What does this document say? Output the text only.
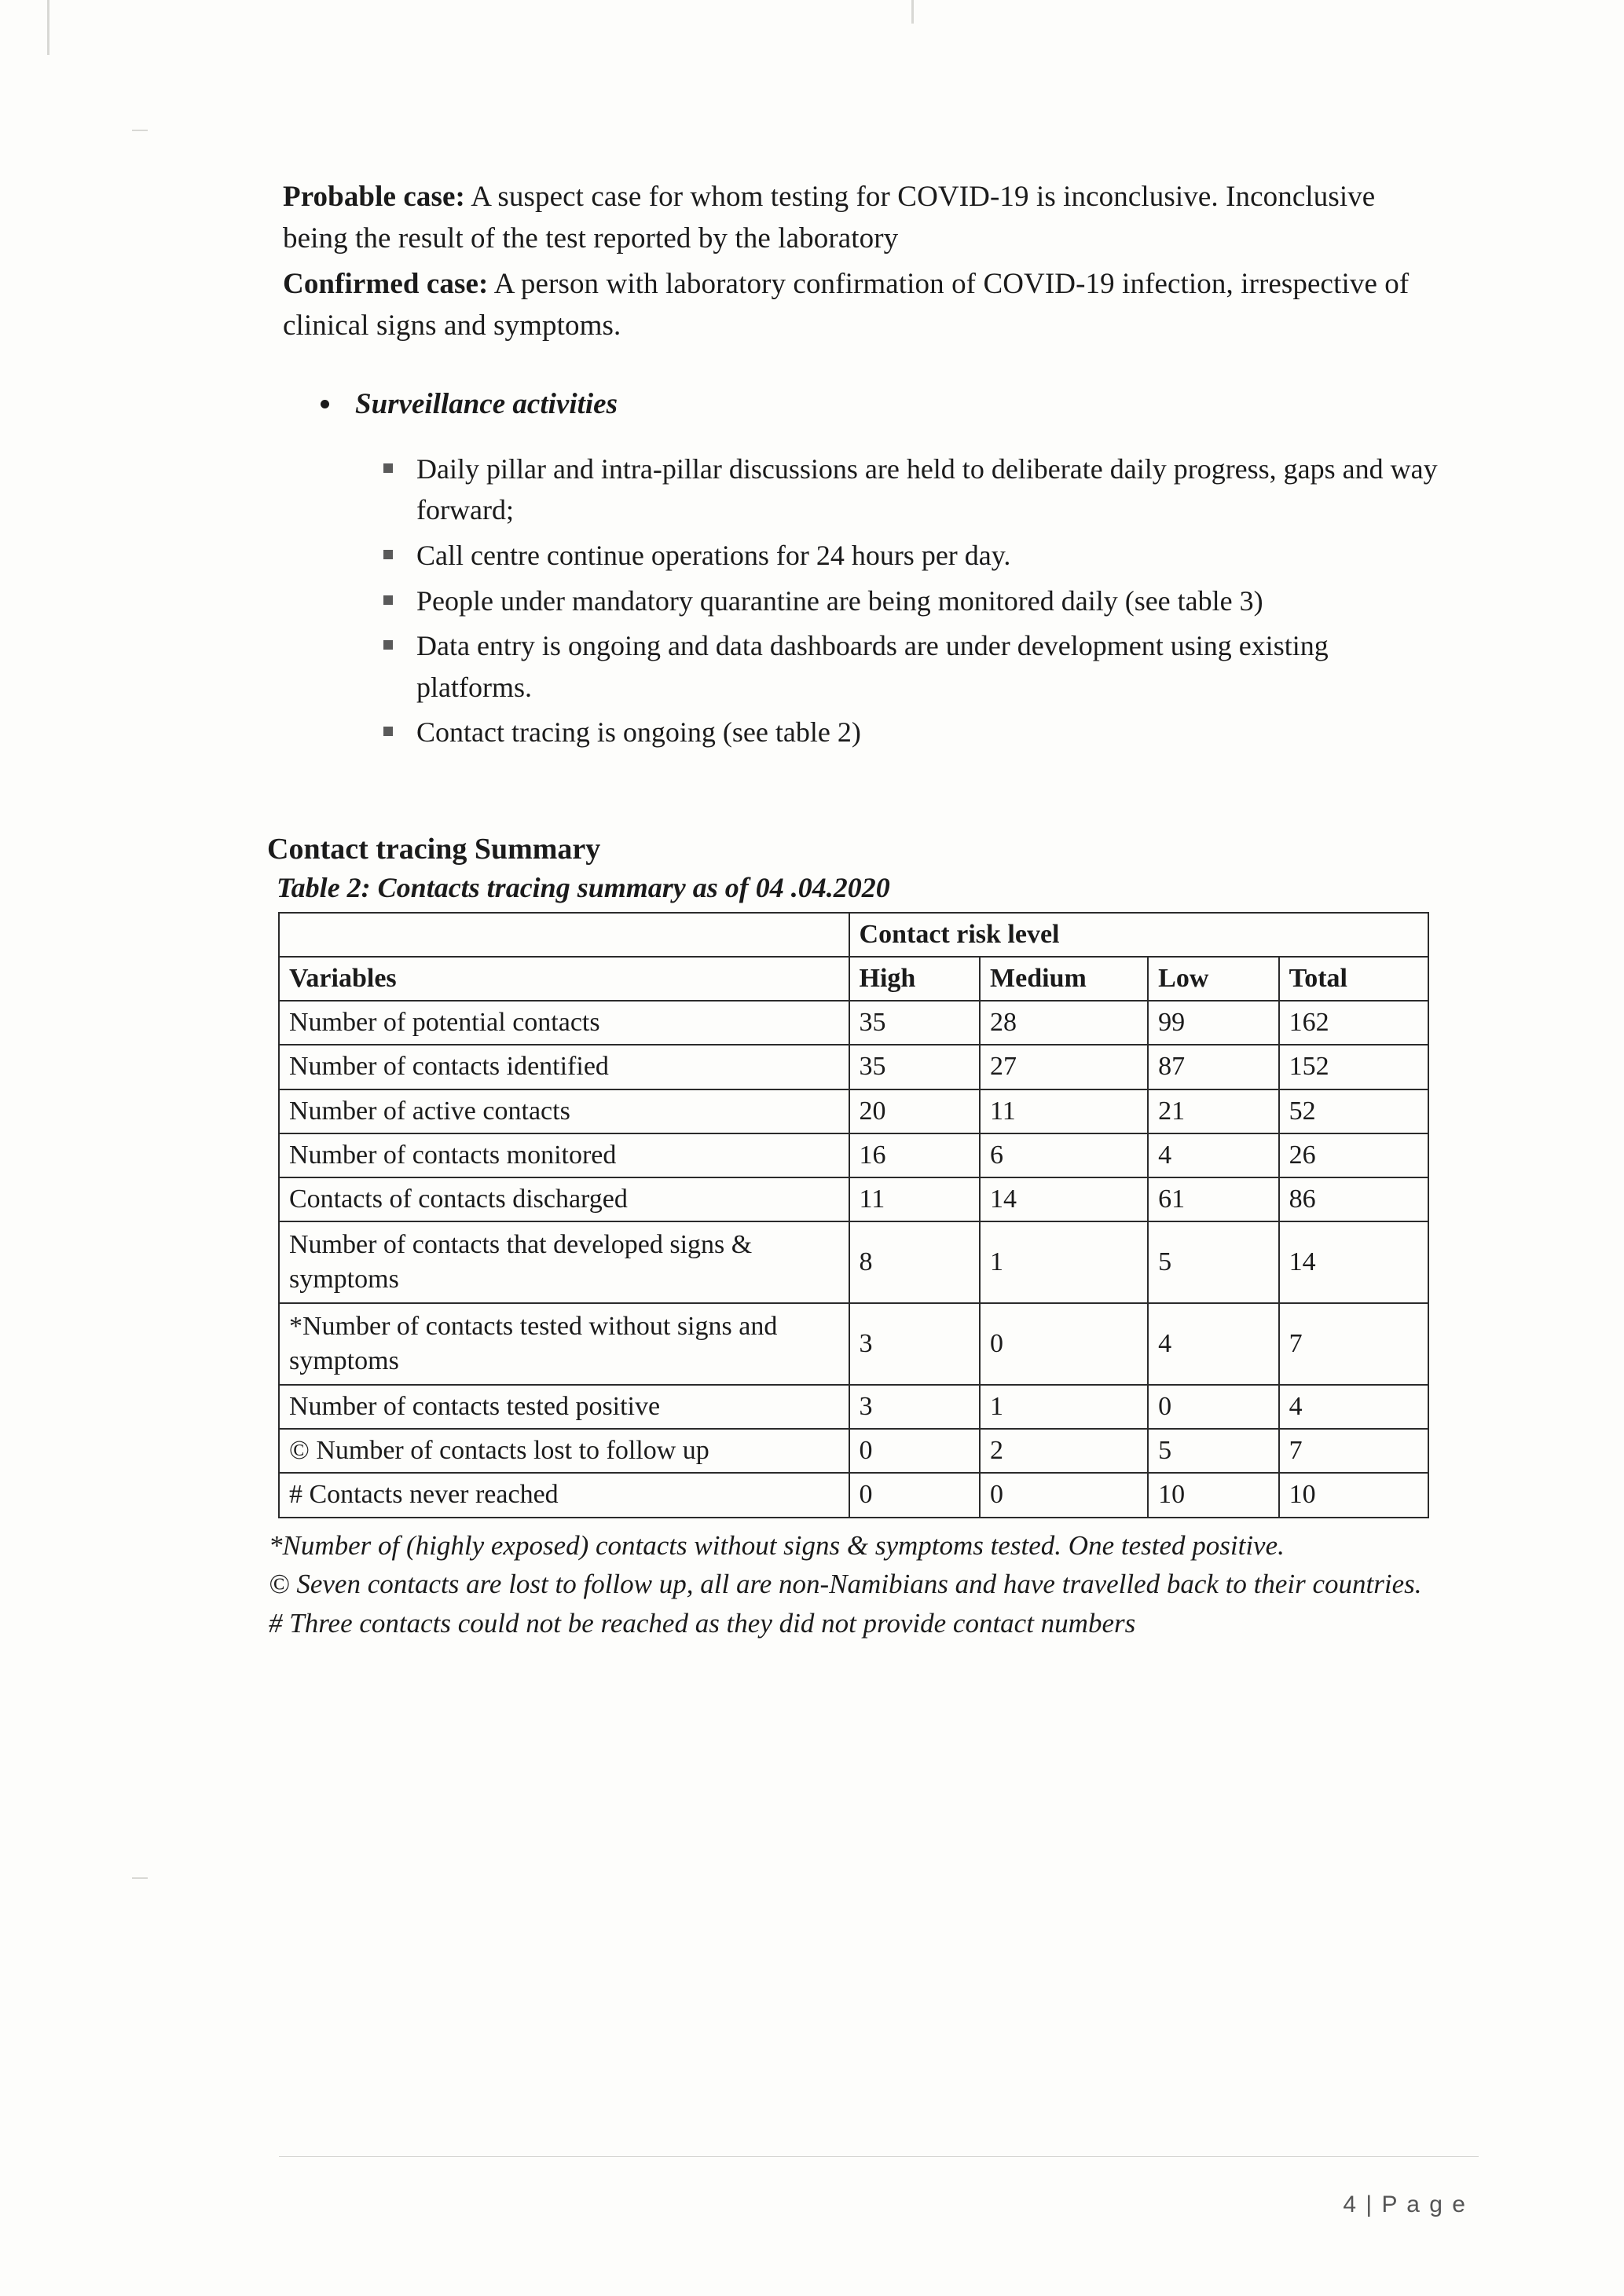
Probable case: A suspect case for whom testing for COVID-19 is inconclusive. Inconclusive being the result of the test reported by the laboratory

Confirmed case: A person with laboratory confirmation of COVID-19 infection, irrespective of clinical signs and symptoms.

Surveillance activities
Daily pillar and intra-pillar discussions are held to deliberate daily progress, gaps and way forward;
Call centre continue operations for 24 hours per day.
People under mandatory quarantine are being monitored daily (see table 3)
Data entry is ongoing and data dashboards are under development using existing platforms.
Contact tracing is ongoing (see table 2)
Contact tracing Summary
Table 2: Contacts tracing summary as of 04 .04.2020
	Contact risk level			
Variables	High	Medium	Low	Total
Number of potential contacts	35	28	99	162
Number of contacts identified	35	27	87	152
Number of active contacts	20	11	21	52
Number of contacts monitored	16	6	4	26
Contacts of contacts discharged	11	14	61	86
Number of contacts that developed signs & symptoms	8	1	5	14
*Number of contacts tested without signs and symptoms	3	0	4	7
Number of contacts tested positive	3	1	0	4
© Number of contacts lost to follow up	0	2	5	7
# Contacts never reached	0	0	10	10

*Number of (highly exposed) contacts without signs & symptoms tested. One tested positive.

© Seven contacts are lost to follow up, all are non-Namibians and have travelled back to their countries.

# Three contacts could not be reached as they did not provide contact numbers

4 | P a g e
